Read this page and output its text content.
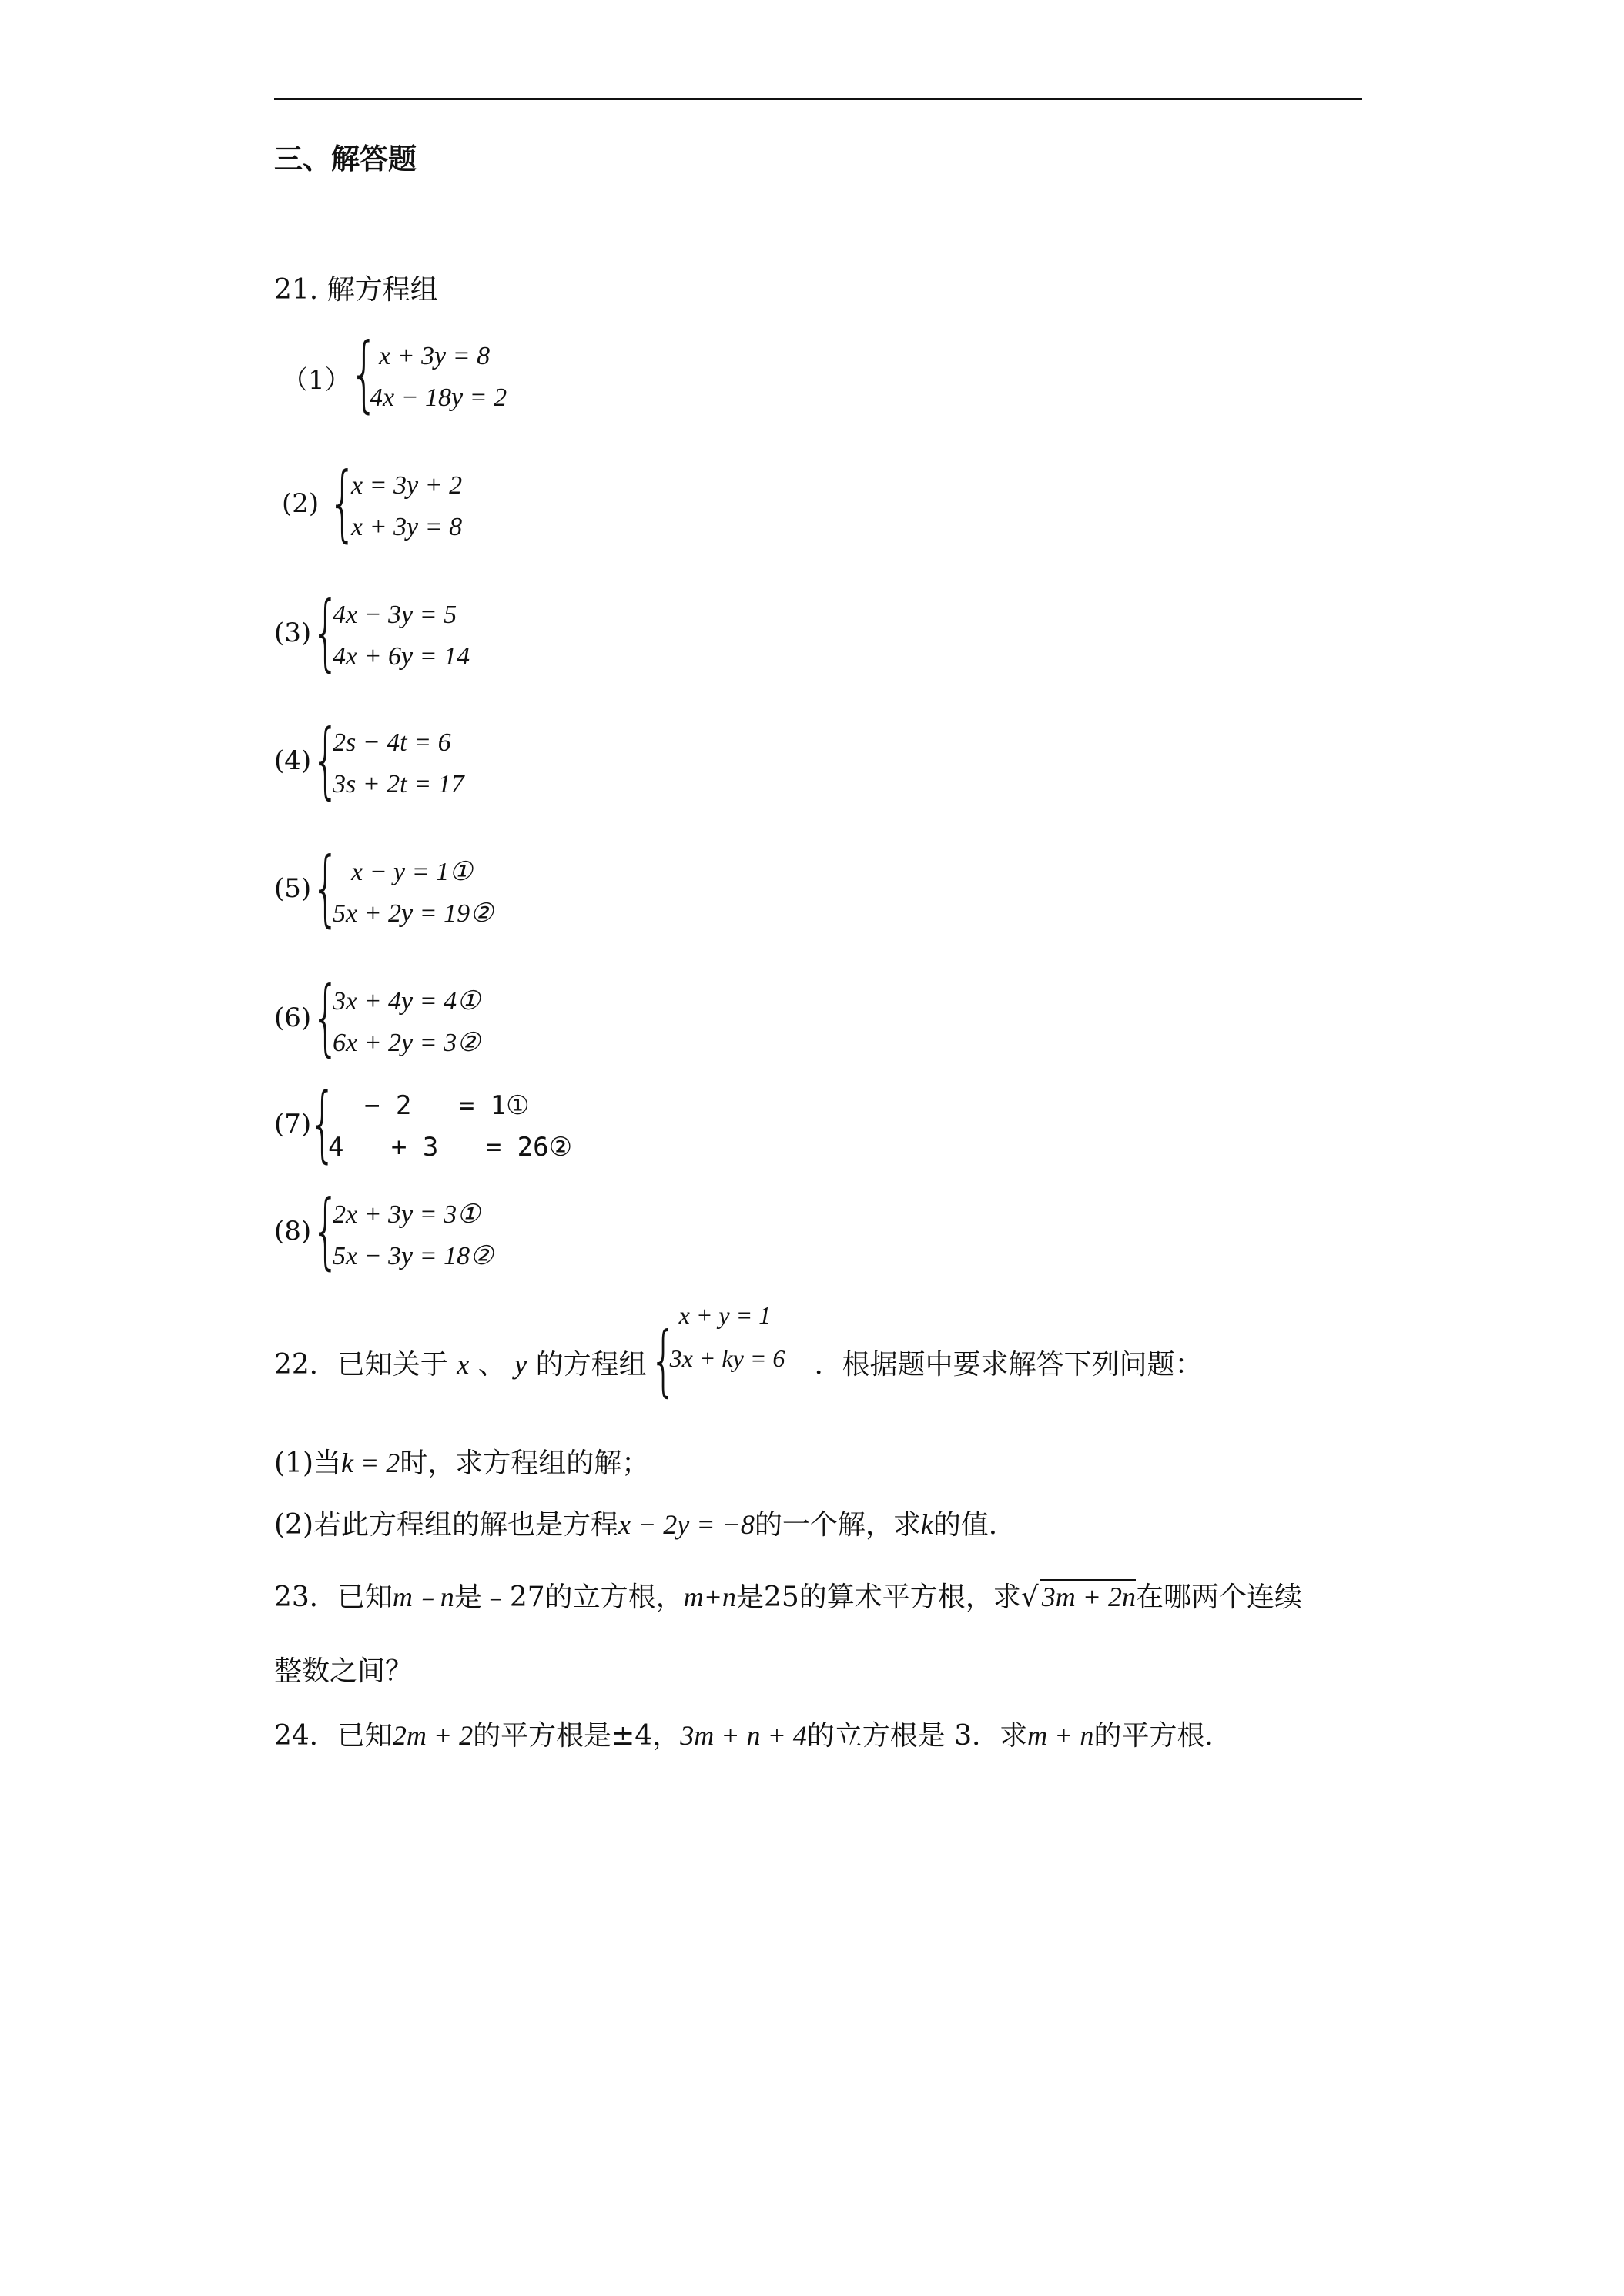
三、解答题
21. 解方程组
（1）
{ x + 3y = 8
4x − 18y = 2
(2) {
x = 3y + 2
x + 3y = 8
(3) {
4x − 3y = 5
4x + 6y = 14
(4) {
2s − 4t = 6
3s + 2t = 17
(5) { x − y = 1①
5x + 2y = 19②
(6) {
3x + 4y = 4①
6x + 2y = 3②
(7)
{
− 2   = 1①
4   + 3   = 26②
(8) {
2x + 3y = 3①
5x − 3y = 18②
22．已知关于 x 、 y 的方程组 { x + y = 1
3x + ky = 6 ．根据题中要求解答下列问题：
(1)当k = 2时，求方程组的解；
(2)若此方程组的解也是方程x − 2y = −8的一个解，求k的值．
23．已知m﹣n是﹣27的立方根，m+n是25的算术平方根，求√ 3m + 2n在哪两个连续
整数之间？
24．已知2m + 2的平方根是±4，3m + n + 4的立方根是 3．求m + n的平方根．
